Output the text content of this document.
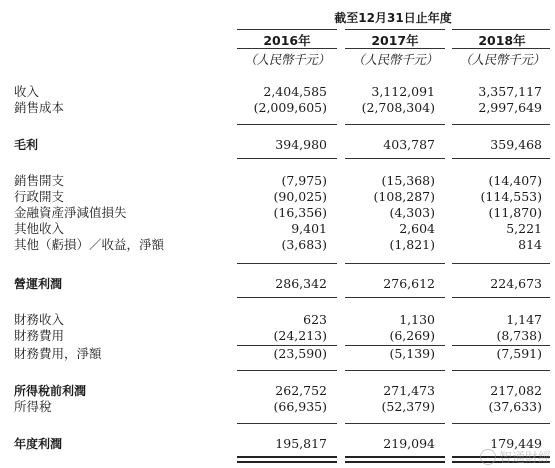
截至12月31日止年度
2016年	2017年	2018年
（人民幣千元）	（人民幣千元）	（人民幣千元）
收入	2,404,585	3,112,091	3,357,117
銷售成本	(2,009,605)	(2,708,304)	2,997,649
毛利	394,980	403,787	359,468
銷售開支	(7,975)	(15,368)	(14,407)
行政開支	(90,025)	(108,287)	(114,553)
金融資產淨減值損失	(16,356)	(4,303)	(11,870)
其他收入	9,401	2,604	5,221
其他（虧損）／收益，淨額	(3,683)	(1,821)	814
營運利潤	286,342	276,612	224,673
財務收入	623	1,130	1,147
財務費用	(24,213)	(6,269)	(8,738)
財務費用，淨額	(23,590)	(5,139)	(7,591)
所得稅前利潤	262,752	271,473	217,082
所得稅	(66,935)	(52,379)	(37,633)
年度利潤	195,817	219,094	179,449
智通財經
